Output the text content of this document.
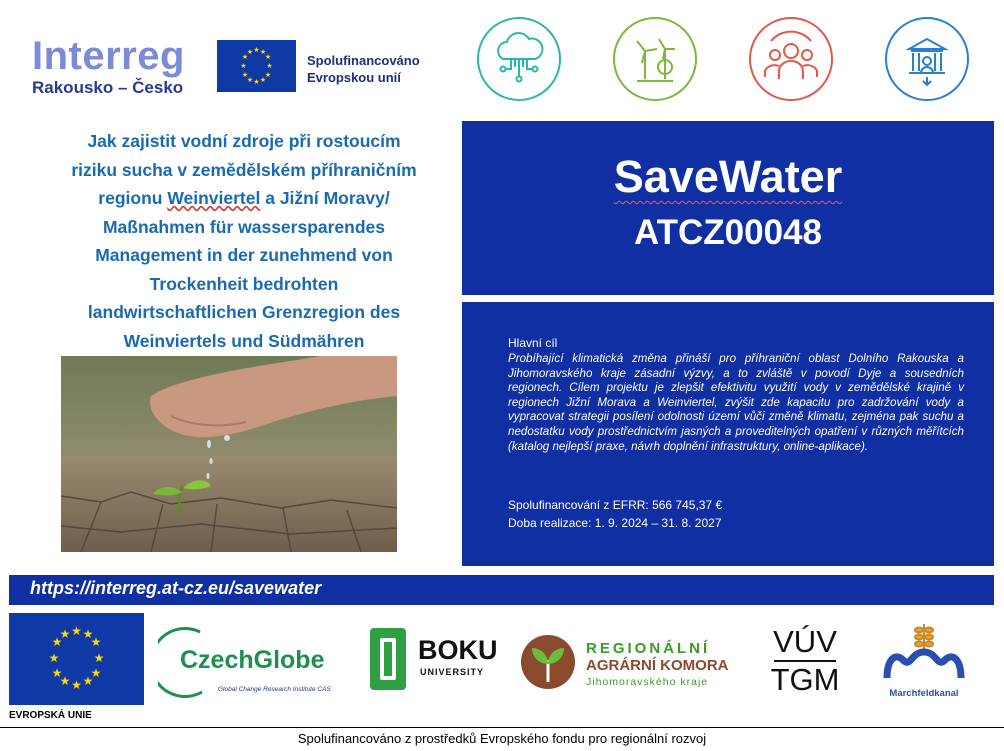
Interreg
Rakousko – Česko
★ ★
★
★
★
★
★
★
★
★
★
★
Spolufinancováno
Evropskou unií
Jak zajistit vodní zdroje při rostoucím
riziku sucha v zemědělském příhraničním
regionu Weinviertel a Jižní Moravy/
Maßnahmen für wassersparendes
Management in der zunehmend von
Trockenheit bedrohten
landwirtschaftlichen Grenzregion des
Weinviertels und Südmähren
SaveWater
ATCZ00048
Hlavní cíl
Probíhající klimatická změna přináší pro příhraniční oblast Dolního Rakouska a Jihomoravského kraje zásadní výzvy, a to zvláště v povodí Dyje a sousedních regionech. Cílem projektu je zlepšit efektivitu využití vody v zemědělské krajině v regionech Jižní Morava a Weinviertel, zvýšit zde kapacitu pro zadržování vody a vypracovat strategii posílení odolnosti území vůči změně klimatu, zejména pak suchu a nedostatku vody prostřednictvím jasných a proveditelných opatření v různých měřítcích (katalog nejlepší praxe, návrh doplnění infrastruktury, online-aplikace).
Spolufinancování z EFRR: 566 745,37 €
Doba realizace: 1. 9. 2024 – 31. 8. 2027
https://interreg.at-cz.eu/savewater
★ ★
★
★
★
★
★
★
★
★
★
★
EVROPSKÁ UNIE
CzechGlobe
Global Change Research Institute CAS
BOKU
UNIVERSITY
REGIONÁLNÍ
AGRÁRNÍ KOMORA
Jihomoravského kraje
VÚV
TGM	Marchfeldkanal
Spolufinancováno z prostředků Evropského fondu pro regionální rozvoj
